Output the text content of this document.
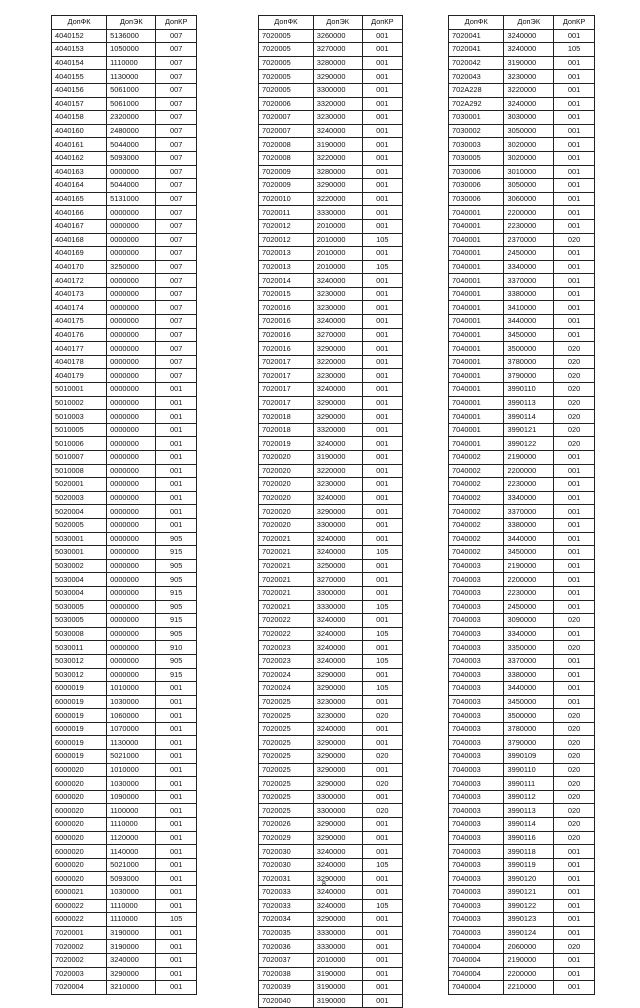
ДопФК	ДопЭК	ДопКР
4040152	5136000	007
4040153	1050000	007
4040154	1110000	007
4040155	1130000	007
4040156	5061000	007
4040157	5061000	007
4040158	2320000	007
4040160	2480000	007
4040161	5044000	007
4040162	5093000	007
4040163	0000000	007
4040164	5044000	007
4040165	5131000	007
4040166	0000000	007
4040167	0000000	007
4040168	0000000	007
4040169	0000000	007
4040170	3250000	007
4040172	0000000	007
4040173	0000000	007
4040174	0000000	007
4040175	0000000	007
4040176	0000000	007
4040177	0000000	007
4040178	0000000	007
4040179	0000000	007
5010001	0000000	001
5010002	0000000	001
5010003	0000000	001
5010005	0000000	001
5010006	0000000	001
5010007	0000000	001
5010008	0000000	001
5020001	0000000	001
5020003	0000000	001
5020004	0000000	001
5020005	0000000	001
5030001	0000000	905
5030001	0000000	915
5030002	0000000	905
5030004	0000000	905
5030004	0000000	915
5030005	0000000	905
5030005	0000000	915
5030008	0000000	905
5030011	0000000	910
5030012	0000000	905
5030012	0000000	915
6000019	1010000	001
6000019	1030000	001
6000019	1060000	001
6000019	1070000	001
6000019	1130000	001
6000019	5021000	001
6000020	1010000	001
6000020	1030000	001
6000020	1090000	001
6000020	1100000	001
6000020	1110000	001
6000020	1120000	001
6000020	1140000	001
6000020	5021000	001
6000020	5093000	001
6000021	1030000	001
6000022	1110000	001
6000022	1110000	105
7020001	3190000	001
7020002	3190000	001
7020002	3240000	001
7020003	3290000	001
7020004	3210000	001
ДопФК	ДопЭК	ДопКР
7020005	3260000	001
7020005	3270000	001
7020005	3280000	001
7020005	3290000	001
7020005	3300000	001
7020006	3320000	001
7020007	3230000	001
7020007	3240000	001
7020008	3190000	001
7020008	3220000	001
7020009	3280000	001
7020009	3290000	001
7020010	3220000	001
7020011	3330000	001
7020012	2010000	001
7020012	2010000	105
7020013	2010000	001
7020013	2010000	105
7020014	3240000	001
7020015	3230000	001
7020016	3230000	001
7020016	3240000	001
7020016	3270000	001
7020016	3290000	001
7020017	3220000	001
7020017	3230000	001
7020017	3240000	001
7020017	3290000	001
7020018	3290000	001
7020018	3320000	001
7020019	3240000	001
7020020	3190000	001
7020020	3220000	001
7020020	3230000	001
7020020	3240000	001
7020020	3290000	001
7020020	3300000	001
7020021	3240000	001
7020021	3240000	105
7020021	3250000	001
7020021	3270000	001
7020021	3300000	001
7020021	3330000	105
7020022	3240000	001
7020022	3240000	105
7020023	3240000	001
7020023	3240000	105
7020024	3290000	001
7020024	3290000	105
7020025	3230000	001
7020025	3230000	020
7020025	3240000	001
7020025	3290000	001
7020025	3290000	020
7020025	3290000	001
7020025	3290000	020
7020025	3300000	001
7020025	3300000	020
7020026	3290000	001
7020029	3290000	001
7020030	3240000	001
7020030	3240000	105
7020031	3290000	001
7020033	3240000	001
7020033	3240000	105
7020034	3290000	001
7020035	3330000	001
7020036	3330000	001
7020037	2010000	001
7020038	3190000	001
7020039	3190000	001
7020040	3190000	001
ДопФК	ДопЭК	ДопКР
7020041	3240000	001
7020041	3240000	105
7020042	3190000	001
7020043	3230000	001
702A228	3220000	001
702A292	3240000	001
7030001	3030000	001
7030002	3050000	001
7030003	3020000	001
7030005	3020000	001
7030006	3010000	001
7030006	3050000	001
7030006	3060000	001
7040001	2200000	001
7040001	2230000	001
7040001	2370000	020
7040001	2450000	001
7040001	3340000	001
7040001	3370000	001
7040001	3380000	001
7040001	3410000	001
7040001	3440000	001
7040001	3450000	001
7040001	3500000	020
7040001	3780000	020
7040001	3790000	020
7040001	3990110	020
7040001	3990113	020
7040001	3990114	020
7040001	3990121	020
7040001	3990122	020
7040002	2190000	001
7040002	2200000	001
7040002	2230000	001
7040002	3340000	001
7040002	3370000	001
7040002	3380000	001
7040002	3440000	001
7040002	3450000	001
7040003	2190000	001
7040003	2200000	001
7040003	2230000	001
7040003	2450000	001
7040003	3090000	020
7040003	3340000	001
7040003	3350000	020
7040003	3370000	001
7040003	3380000	001
7040003	3440000	001
7040003	3450000	001
7040003	3500000	020
7040003	3780000	020
7040003	3790000	020
7040003	3990109	020
7040003	3990110	020
7040003	3990111	020
7040003	3990112	020
7040003	3990113	020
7040003	3990114	020
7040003	3990116	020
7040003	3990118	001
7040003	3990119	001
7040003	3990120	001
7040003	3990121	001
7040003	3990122	001
7040003	3990123	001
7040003	3990124	001
7040004	2060000	020
7040004	2190000	001
7040004	2200000	001
7040004	2210000	001
8
